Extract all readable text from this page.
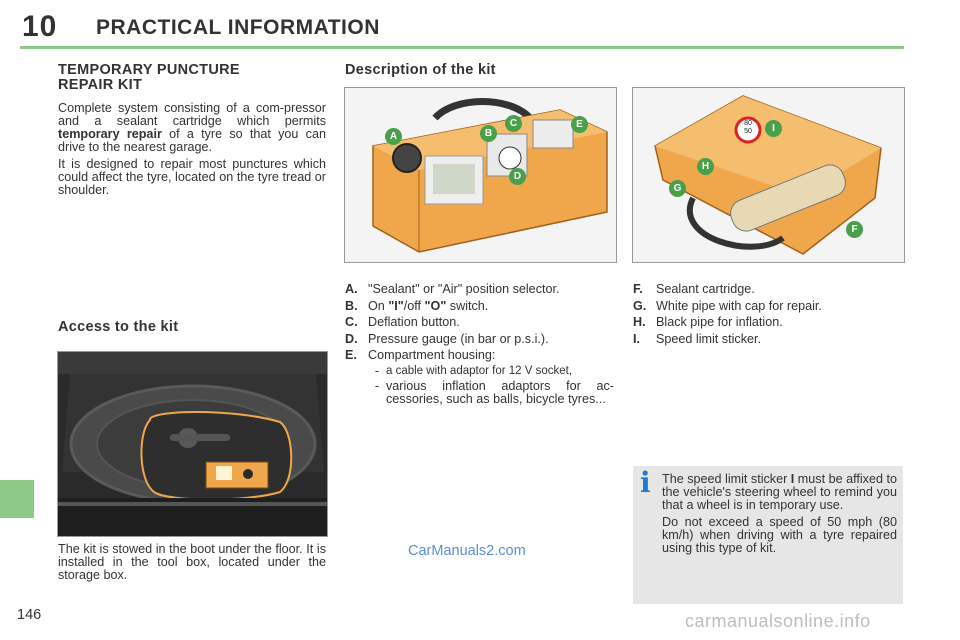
10 PRACTICAL INFORMATION
TEMPORARY PUNCTURE
REPAIR KIT

Complete system consisting of a com-pressor and a sealant cartridge which permits temporary repair of a tyre so that you can drive to the nearest garage.

It is designed to repair most punctures which could affect the tyre, located on the tyre tread or shoulder.

Access to the kit

The kit is stowed in the boot under the floor. It is installed in the tool box, located under the storage box.

Description of the kit
A	B
C
D
E	80
50
F
G
H
I
A. "Sealant" or "Air" position selector.
B. On "I"/off "O" switch.
C. Deflation button.
D. Pressure gauge (in bar or p.s.i.).
E. Compartment housing:
- a cable with adaptor for 12 V socket,
- various inflation adaptors for ac-cessories, such as balls, bicycle tyres...
F.	Sealant cartridge.
G. White pipe with cap for repair.
H. Black pipe for inflation.
I.	Speed limit sticker.
i The speed limit sticker I must be affixed to the vehicle's steering wheel to remind you that a wheel is in temporary use.

Do not exceed a speed of 50 mph (80 km/h) when driving with a tyre repaired using this type of kit.

146
CarManuals2.com
carmanualsonline.info
